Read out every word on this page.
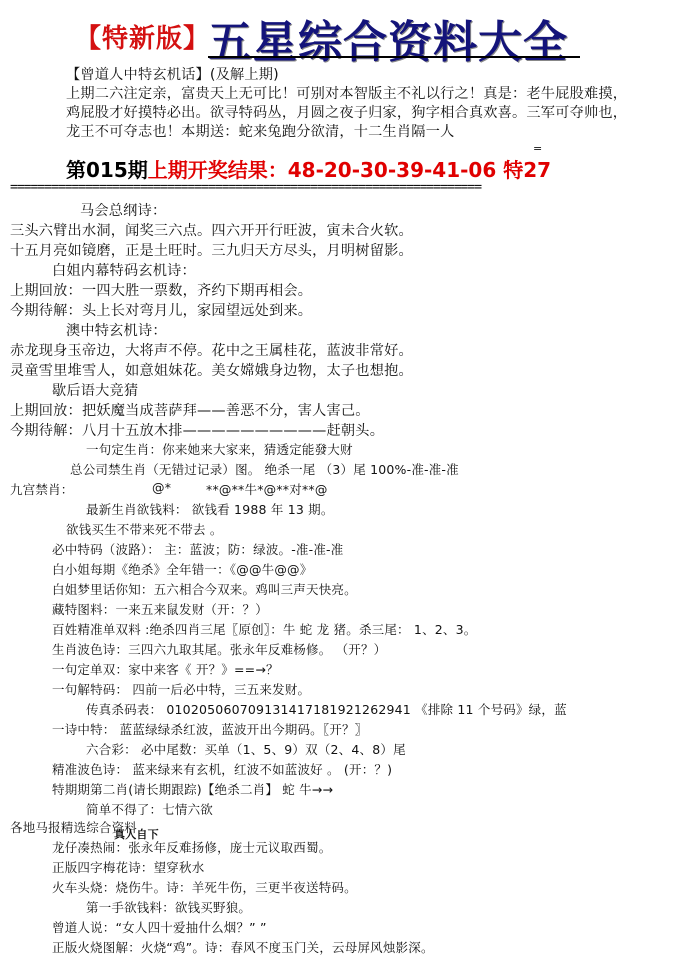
【特新版】
五星综合资料大全
【曾道人中特玄机话】(及解上期)
上期二六注定亲，富贵天上无可比！可别对本智版主不礼以行之！真是：老牛屁股难摸，
鸡屁股才好摸特必出。欲寻特码丛，月圆之夜子归家，狗字相合真欢喜。三军可夺帅也，
龙王不可夺志也！本期送：蛇来兔跑分欲清，十二生肖隔一人
第015期上期开奖结果：48-20-30-39-41-06 特27
=
=====================================================================
马会总纲诗：
三头六臂出水洞，闻奖三六点。四六开开行旺波，寅未合火软。
十五月亮如镜磨，正是土旺时。三九归天方尽头，月明树留影。
白姐内幕特码玄机诗：
上期回放：一四大胜一票数，齐约下期再相会。
今期待解：头上长对弯月儿，家园望远处到来。
澳中特玄机诗：
赤龙现身玉帝边，大将声不停。花中之王属桂花，蓝波非常好。
灵童雪里堆雪人，如意姐妹花。美女嫦娥身边物，太子也想抱。
歇后语大竞猜
上期回放：把妖魔当成菩萨拜——善恶不分，害人害己。
今期待解：八月十五放木排——————————赶朝头。
一句定生肖：你来她来大家来，猜透定能發大财
总公司禁生肖（无错过记录）图。 绝杀一尾 （3）尾 100%-准-准-准
九宫禁肖：	@*	**@**牛*@**对**@
最新生肖欲钱料： 欲钱看 1988 年 13 期。
欲钱买生不带来死不带去 。
必中特码（波路）： 主：蓝波；防：绿波。-准-准-准
白小姐每期《绝杀》全年错一：《@@牛@@》
白姐梦里话你知：五六相合今双来。鸡叫三声天快亮。
藏特图料：一来五来鼠发财（开：？）
百姓精准单双料 :绝杀四肖三尾〖原创〗：牛 蛇 龙 猪。杀三尾： 1、2、3。
生肖波色诗：三四六九取其尾。张永年反难杨修。 （开？）
一句定单双：家中来客《 开？》==→？
一句解特码： 四前一后必中特，三五来发财。
传真杀码表： 010205060709131417181921262941 《排除 11 个号码》绿，蓝
一诗中特： 蓝蓝绿绿杀红波，蓝波开出今期码。〖开？〗
六合彩： 必中尾数：买单（1、5、9）双（2、4、8）尾
精准波色诗： 蓝来绿来有玄机，红波不如蓝波好 。 (开：？)
特期期第二肖(请长期跟踪)【绝杀二肖】 蛇 牛→→
简单不得了：七情六欲
各地马报精选综合资料
真人自下
龙仔凑热闹：张永年反难扬修，庞士元议取西蜀。
正版四字梅花诗：望穿秋水
火车头烧：烧伤牛。诗：羊死牛伤，三更半夜送特码。
第一手欲钱料：欲钱买野狼。
曾道人说：“女人四十爱抽什么烟？” ”
正版火烧图解：火烧“鸡”。诗：春风不度玉门关，云母屏风烛影深。
